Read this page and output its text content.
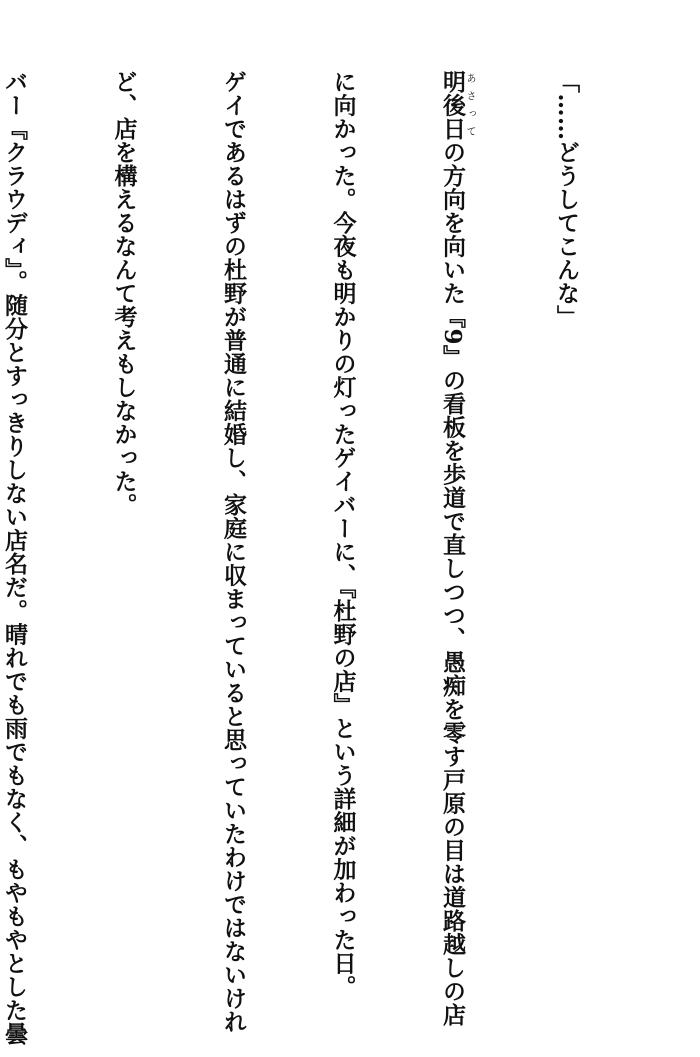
「……どうしてこんな」

明後日あさっての方向を向いた『9』の看板を歩道で直しつつ、愚痴を零す戸原の目は道路越しの店

に向かった。今夜も明かりの灯ったゲイバーに、『杜野の店』という詳細が加わった日。

ゲイであるはずの杜野が普通に結婚し、家庭に収まっていると思っていたわけではないけれ

ど、店を構えるなんて考えもしなかった。

バー『クラウディ』。随分とすっきりしない店名だ。晴れでも雨でもなく、もやもやとした曇
